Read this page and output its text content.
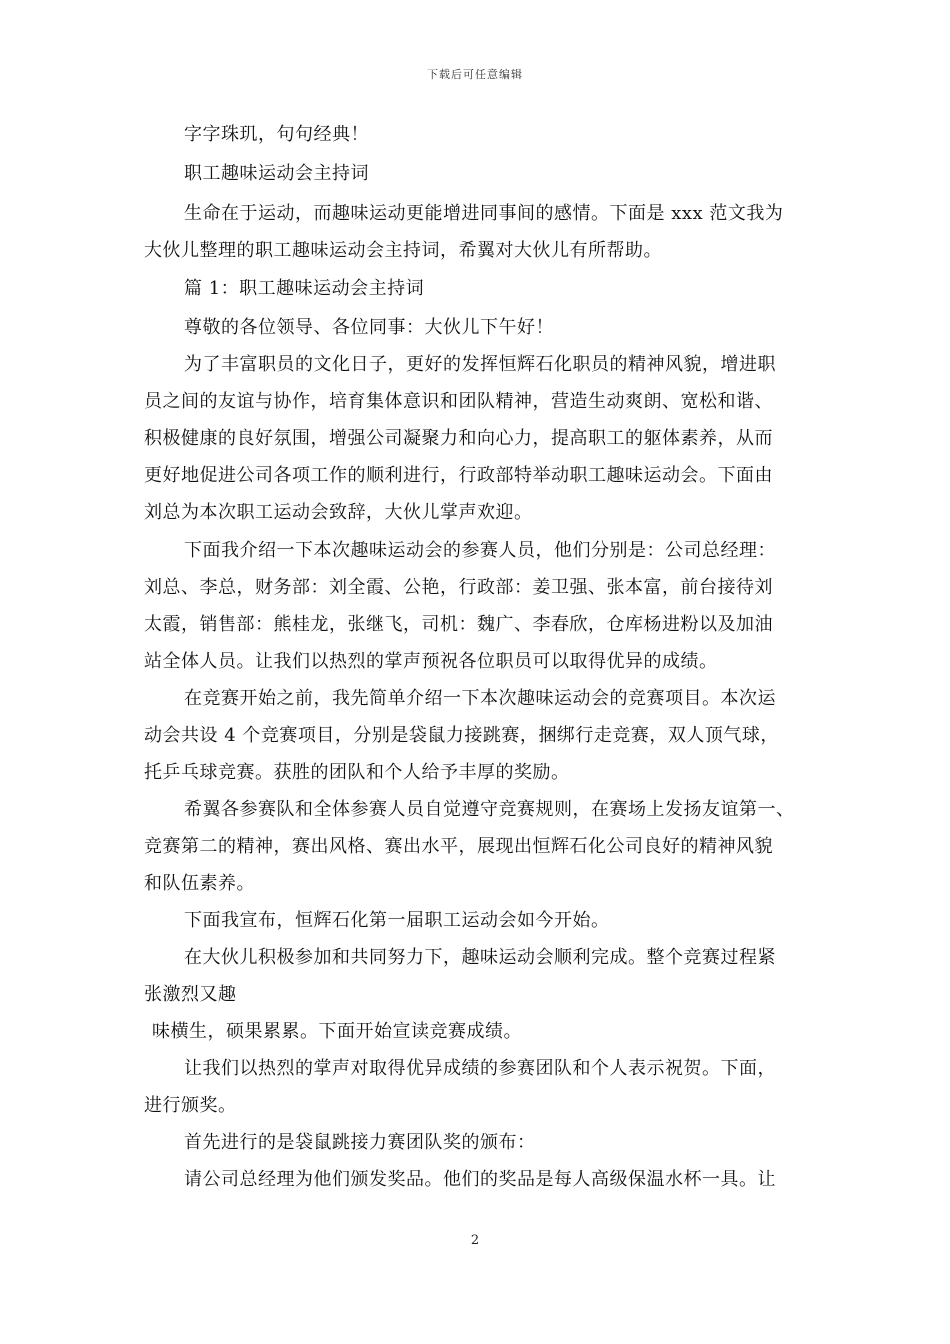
下载后可任意编辑
字字珠玑，句句经典！
职工趣味运动会主持词
生命在于运动，而趣味运动更能增进同事间的感情。下面是 xxx 范文我为
大伙儿整理的职工趣味运动会主持词，希翼对大伙儿有所帮助。
篇 1：职工趣味运动会主持词
尊敬的各位领导、各位同事：大伙儿下午好！
为了丰富职员的文化日子，更好的发挥恒辉石化职员的精神风貌，增进职
员之间的友谊与协作，培育集体意识和团队精神，营造生动爽朗、宽松和谐、
积极健康的良好氛围，增强公司凝聚力和向心力，提高职工的躯体素养，从而
更好地促进公司各项工作的顺利进行，行政部特举动职工趣味运动会。下面由
刘总为本次职工运动会致辞，大伙儿掌声欢迎。
下面我介绍一下本次趣味运动会的参赛人员，他们分别是：公司总经理：
刘总、李总，财务部：刘全霞、公艳，行政部：姜卫强、张本富，前台接待刘
太霞，销售部：熊桂龙，张继飞，司机：魏广、李春欣，仓库杨进粉以及加油
站全体人员。让我们以热烈的掌声预祝各位职员可以取得优异的成绩。
在竞赛开始之前，我先简单介绍一下本次趣味运动会的竞赛项目。本次运
动会共设 4 个竞赛项目，分别是袋鼠力接跳赛，捆绑行走竞赛，双人顶气球，
托乒乓球竞赛。获胜的团队和个人给予丰厚的奖励。
希翼各参赛队和全体参赛人员自觉遵守竞赛规则，在赛场上发扬友谊第一、
竞赛第二的精神，赛出风格、赛出水平，展现出恒辉石化公司良好的精神风貌
和队伍素养。
下面我宣布，恒辉石化第一届职工运动会如今开始。
在大伙儿积极参加和共同努力下，趣味运动会顺利完成。整个竞赛过程紧
张激烈又趣
味横生，硕果累累。下面开始宣读竞赛成绩。
让我们以热烈的掌声对取得优异成绩的参赛团队和个人表示祝贺。下面，
进行颁奖。
首先进行的是袋鼠跳接力赛团队奖的颁布：
请公司总经理为他们颁发奖品。他们的奖品是每人高级保温水杯一具。让
2
